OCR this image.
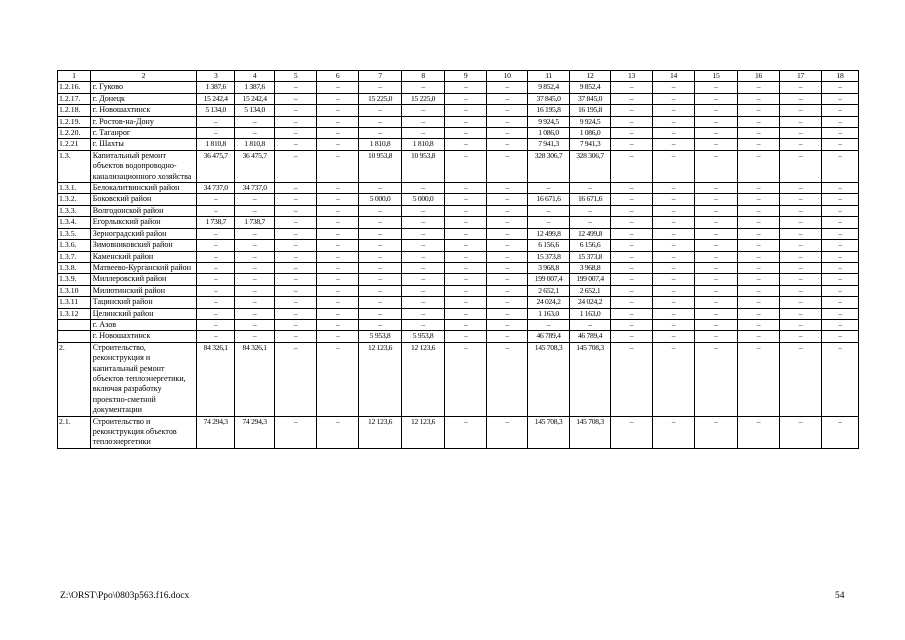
1	2	3	4	5	6	7	8	9	10	11	12	13	14	15	16	17	18
1.2.16.	г. Гуково	1 387,6	1 387,6	–	–	–	–	–	–	9 852,4	9 852,4	–	–	–	–	–	–
1.2.17.	г. Донецк	15 242,4	15 242,4	–	–	15 225,0	15 225,0	–	–	37 845,0	37 845,0	–	–	–	–	–	–
1.2.18.	г. Новошахтинск	5 134,0	5 134,0	–	–	–	–	–	–	16 195,8	16 195,8	–	–	–	–	–	–
1.2.19.	г. Ростов-на-Дону	–	–	–	–	–	–	–	–	9 924,5	9 924,5	–	–	–	–	–	–
1.2.20.	г. Таганрог	–	–	–	–	–	–	–	–	1 086,0	1 086,0	–	–	–	–	–	–
1.2.21	г. Шахты	1 810,8	1 810,8	–	–	1 810,8	1 810,8	–	–	7 941,3	7 941,3	–	–	–	–	–	–
1.3.	Капитальный ремонт объектов водопроводно-канализационного хозяйства	36 475,7	36 475,7	–	–	10 953,8	10 953,8	–	–	328 306,7	328 306,7	–	–	–	–	–	–
1.3.1.	Белокалитвинский район	34 737,0	34 737,0	–	–	–	–	–	–	–	–	–	–	–	–	–	–
1.3.2.	Боковский район	–	–	–	–	5 000,0	5 000,0	–	–	16 671,6	16 671,6	–	–	–	–	–	–
1.3.3.	Волгодонской район	–	–	–	–	–	–	–	–	–	–	–	–	–	–	–	–
1.3.4.	Егорлыкский район	1 738,7	1 738,7	–	–	–	–	–	–	–	–	–	–	–	–	–	–
1.3.5.	Зерноградский район	–	–	–	–	–	–	–	–	12 499,8	12 499,8	–	–	–	–	–	–
1.3.6.	Зимовниковский район	–	–	–	–	–	–	–	–	6 156,6	6 156,6	–	–	–	–	–	–
1.3.7.	Каменский район	–	–	–	–	–	–	–	–	15 373,8	15 373,8	–	–	–	–	–	–
1.3.8.	Матвеево-Курганский район	–	–	–	–	–	–	–	–	3 968,8	3 968,8	–	–	–	–	–	–
1.3.9.	Миллеровский район	–	–	–	–	–	–	–	–	199 007,4	199 007,4	–	–	–	–	–	–
1.3.10	Милютинский район	–	–	–	–	–	–	–	–	2 652,1	2 652,1	–	–	–	–	–	–
1.3.11	Тацинский район	–	–	–	–	–	–	–	–	24 024,2	24 024,2	–	–	–	–	–	–
1.3.12	Целинский район	–	–	–	–	–	–	–	–	1 163,0	1 163,0	–	–	–	–	–	–
	г. Азов	–	–	–	–	–	–	–	–	–	–	–	–	–	–	–	–
	г. Новошахтинск	–	–	–	–	5 953,8	5 953,8	–	–	46 789,4	46 789,4	–	–	–	–	–	–
2.	Строительство, реконструкция и капитальный ремонт объектов теплоэнергетики, включая разработку проектно-сметной документации	84 326,1	84 326,1	–	–	12 123,6	12 123,6	–	–	145 708,3	145 708,3	–	–	–	–	–	–
2.1.	Строительство и реконструкция объектов теплоэнергетики	74 294,3	74 294,3	–	–	12 123,6	12 123,6	–	–	145 708,3	145 708,3	–	–	–	–	–	–
Z:\ORST\Ppo\0803p563.f16.docx	54
